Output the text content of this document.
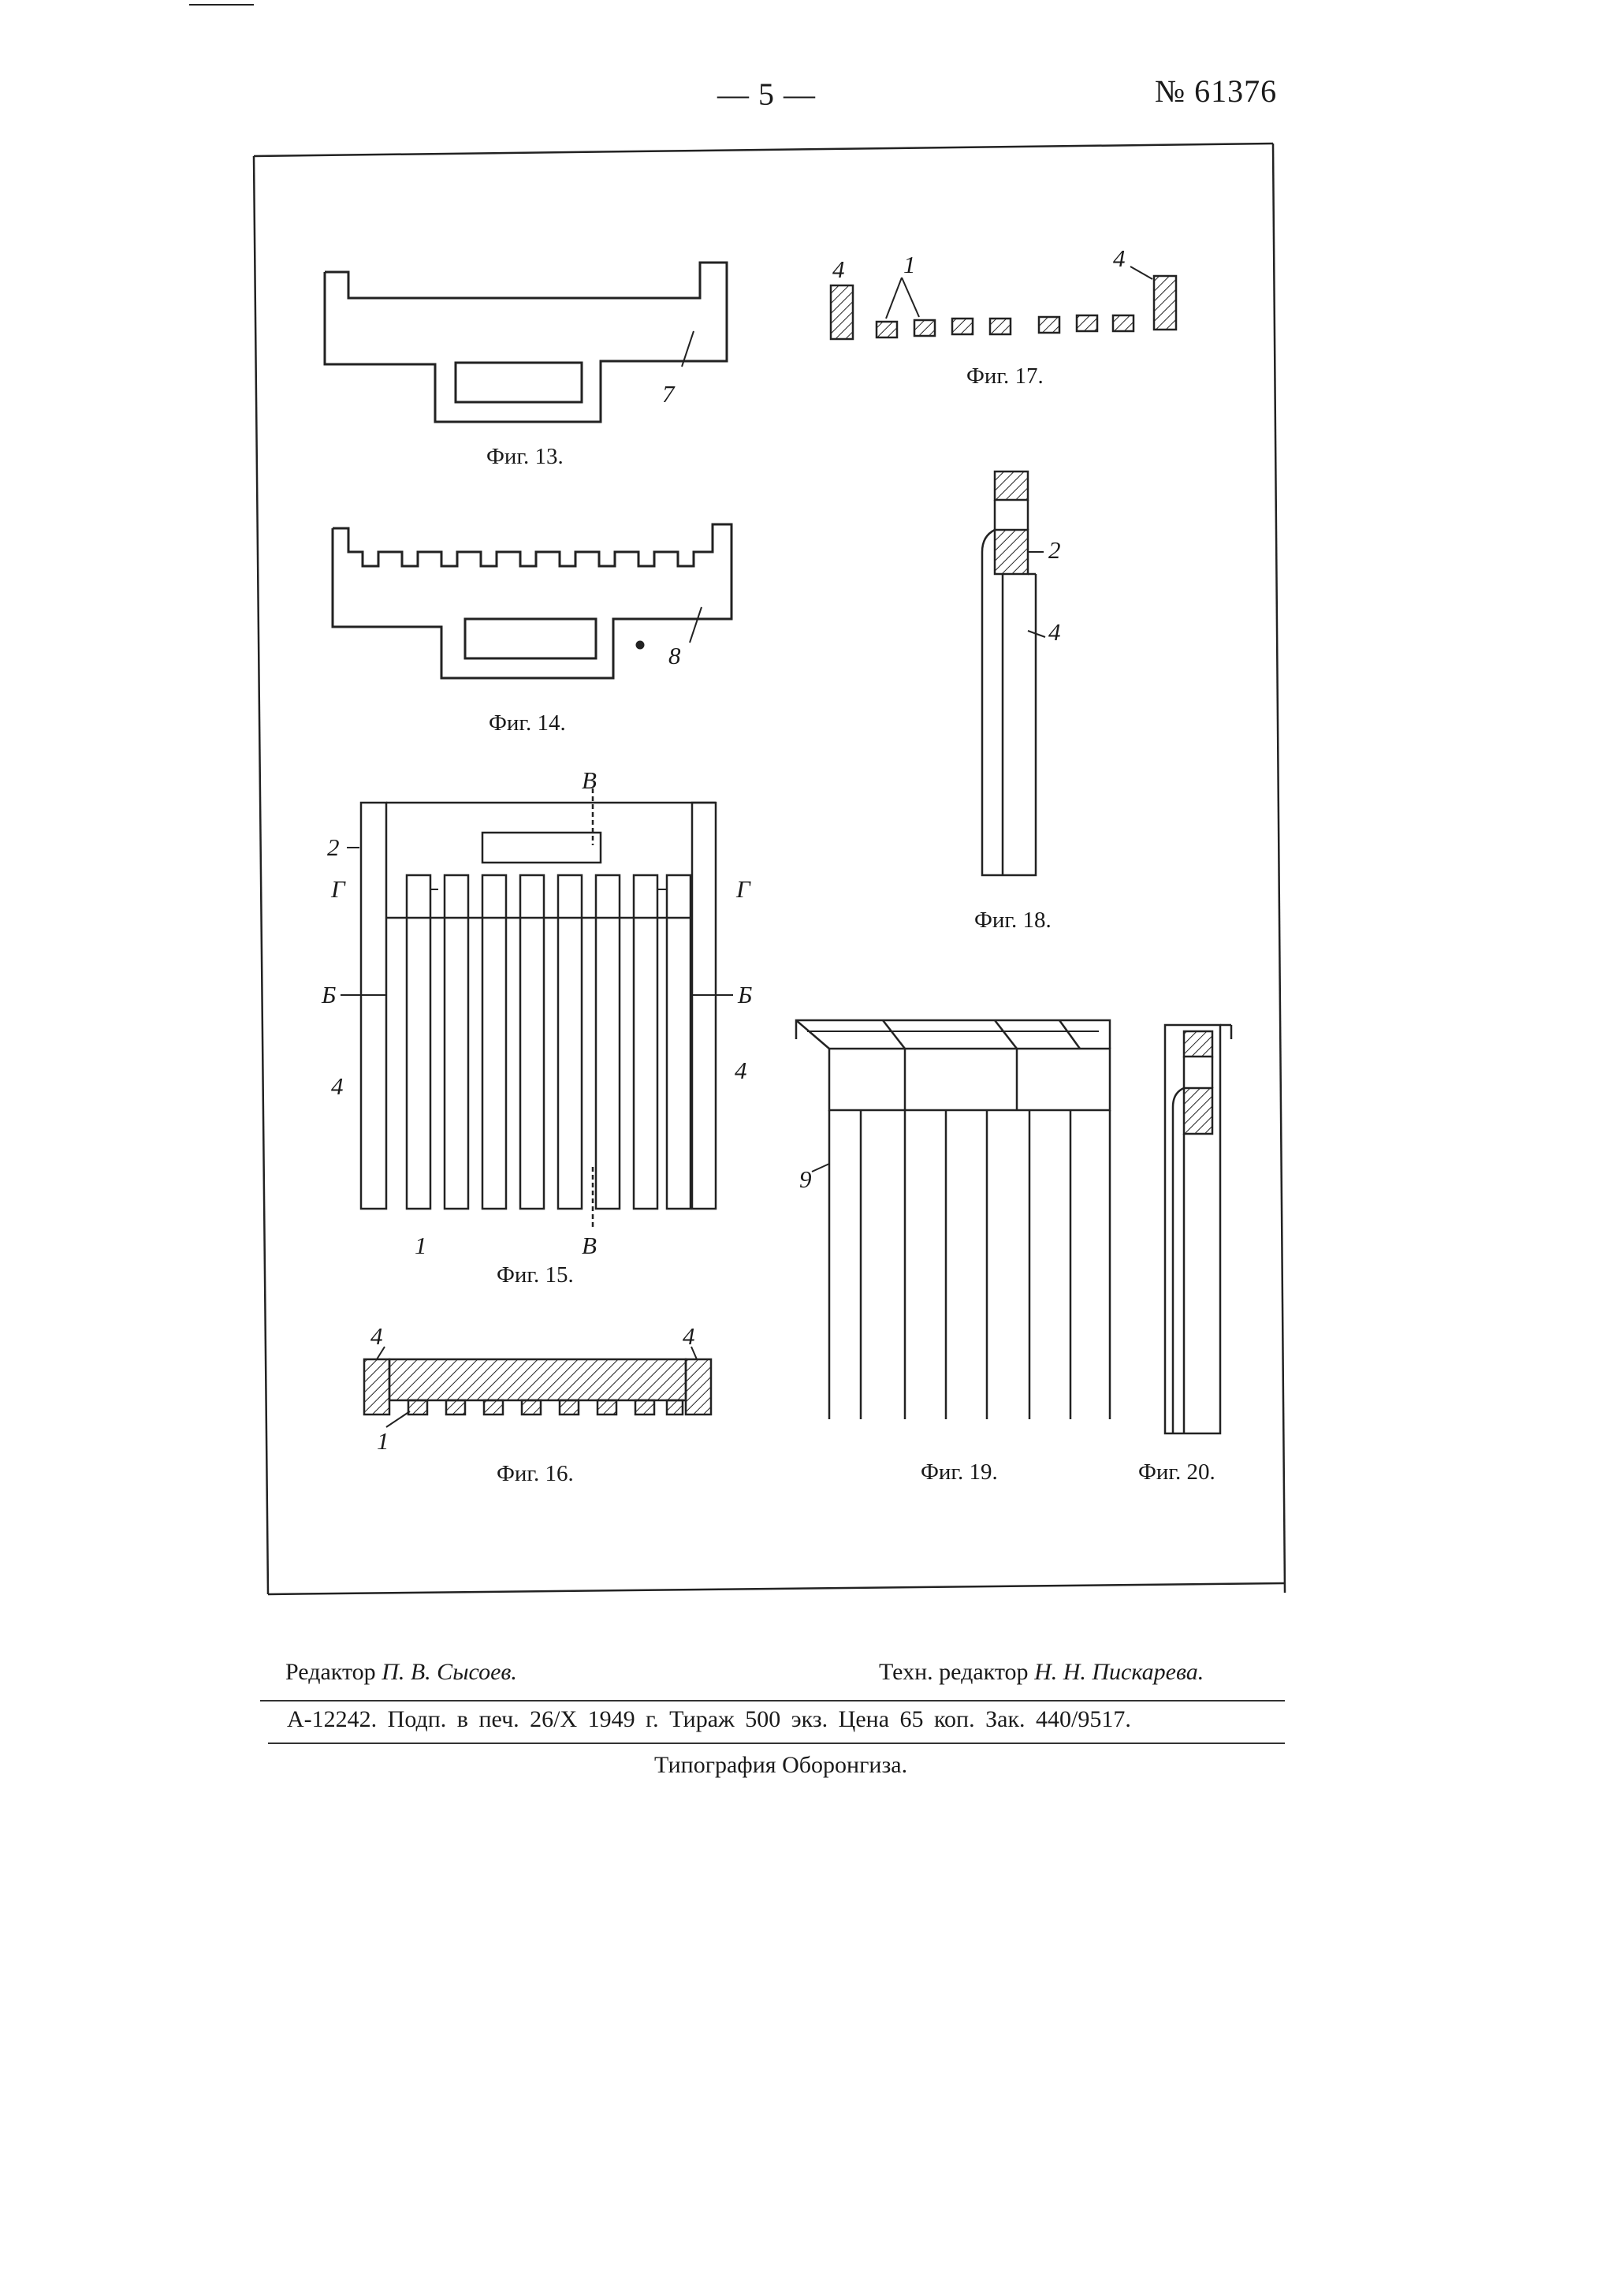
— 5 —	№ 61376
7
Фиг. 13.
8
Фиг. 14.
B
B
2
Г	Г
Б	Б
4
4
1
Фиг. 15.
4	4
1
Фиг. 16.
4 1	4
Фиг. 17.
2
4
Фиг. 18.
9
Фиг. 19.	Фиг. 20.
Редактор П. В. Сысоев.	Техн. редактор Н. Н. Пискарева.
А-12242. Подп. в печ. 26/X 1949 г. Тираж 500 экз. Цена 65 коп. Зак. 440/9517.
Типография Оборонгиза.
